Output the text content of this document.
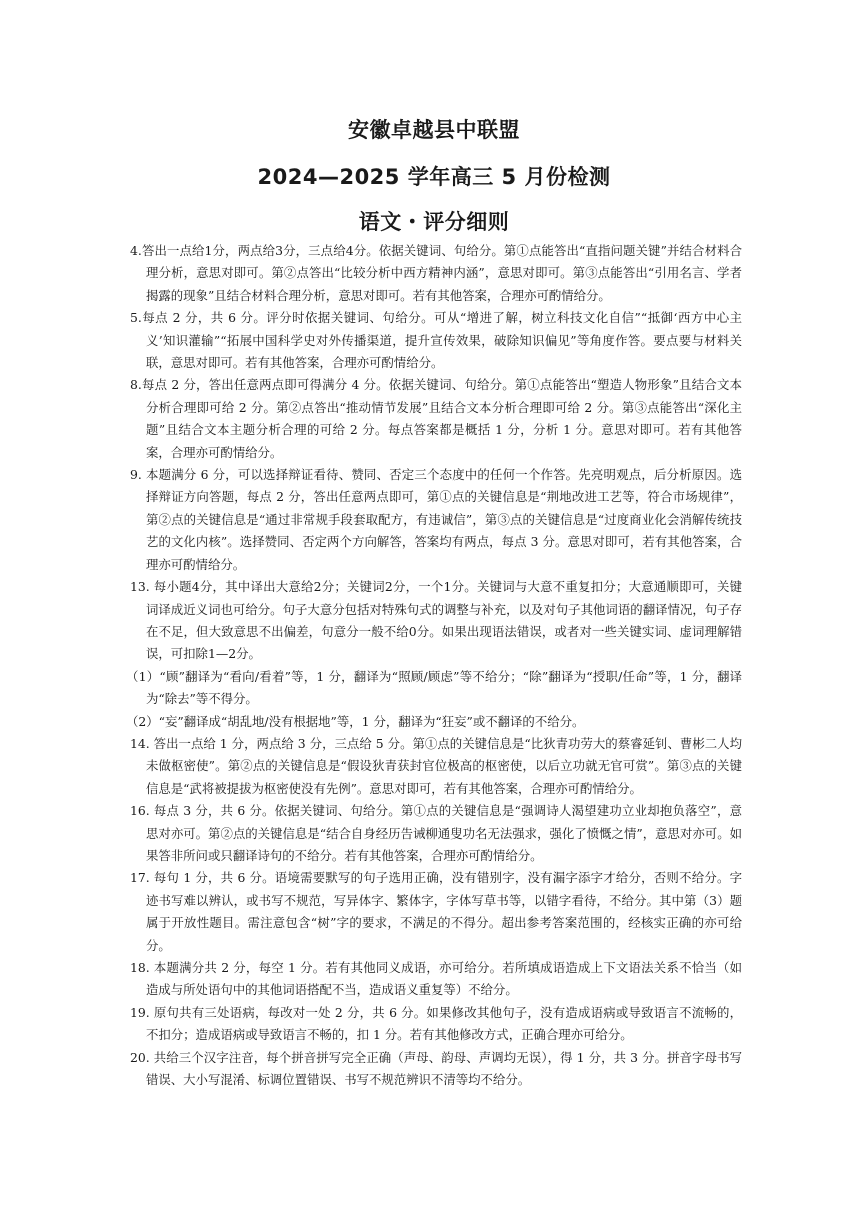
安徽卓越县中联盟
2024—2025 学年高三 5 月份检测
语文・评分细则

4.答出一点给1分，两点给3分，三点给4分。依据关键词、句给分。第①点能答出“直指问题关键”并结合材料合理分析，意思对即可。第②点答出“比较分析中西方精神内涵”，意思对即可。第③点能答出“引用名言、学者揭露的现象”且结合材料合理分析，意思对即可。若有其他答案，合理亦可酌情给分。

5.每点 2 分，共 6 分。评分时依据关键词、句给分。可从“增进了解，树立科技文化自信”“抵御‘西方中心主义’知识灌输”“拓展中国科学史对外传播渠道，提升宣传效果，破除知识偏见”等角度作答。要点要与材料关联，意思对即可。若有其他答案，合理亦可酌情给分。

8.每点 2 分，答出任意两点即可得满分 4 分。依据关键词、句给分。第①点能答出“塑造人物形象”且结合文本分析合理即可给 2 分。第②点答出“推动情节发展”且结合文本分析合理即可给 2 分。第③点能答出“深化主题”且结合文本主题分析合理的可给 2 分。每点答案都是概括 1 分，分析 1 分。意思对即可。若有其他答案，合理亦可酌情给分。

9. 本题满分 6 分，可以选择辩证看待、赞同、否定三个态度中的任何一个作答。先亮明观点，后分析原因。选择辩证方向答题，每点 2 分，答出任意两点即可，第①点的关键信息是“荆地改进工艺等，符合市场规律”，第②点的关键信息是“通过非常规手段套取配方，有违诚信”，第③点的关键信息是“过度商业化会消解传统技艺的文化内核”。选择赞同、否定两个方向解答，答案均有两点，每点 3 分。意思对即可，若有其他答案，合理亦可酌情给分。

13. 每小题4分，其中译出大意给2分；关键词2分，一个1分。关键词与大意不重复扣分；大意通顺即可，关键词译成近义词也可给分。句子大意分包括对特殊句式的调整与补充，以及对句子其他词语的翻译情况，句子存在不足，但大致意思不出偏差，句意分一般不给0分。如果出现语法错误，或者对一些关键实词、虚词理解错误，可扣除1—2分。

（1）“顾”翻译为“看向/看着”等，1 分，翻译为“照顾/顾虑”等不给分；“除”翻译为“授职/任命”等，1 分，翻译为“除去”等不得分。

（2）“妄”翻译成“胡乱地/没有根据地”等，1 分，翻译为“狂妄”或不翻译的不给分。

14. 答出一点给 1 分，两点给 3 分，三点给 5 分。第①点的关键信息是“比狄青功劳大的蔡睿延钊、曹彬二人均未做枢密使”。第②点的关键信息是“假设狄青获封官位极高的枢密使，以后立功就无官可赏”。第③点的关键信息是“武将被提拔为枢密使没有先例”。意思对即可，若有其他答案，合理亦可酌情给分。

16. 每点 3 分，共 6 分。依据关键词、句给分。第①点的关键信息是“强调诗人渴望建功立业却抱负落空”，意思对亦可。第②点的关键信息是“结合自身经历告诫柳通叟功名无法强求，强化了愤慨之情”，意思对亦可。如果答非所问或只翻译诗句的不给分。若有其他答案，合理亦可酌情给分。

17. 每句 1 分，共 6 分。语境需要默写的句子选用正确，没有错别字，没有漏字添字才给分，否则不给分。字迹书写难以辨认，或书写不规范，写异体字、繁体字，字体写草书等，以错字看待，不给分。其中第（3）题属于开放性题目。需注意包含“树”字的要求，不满足的不得分。超出参考答案范围的，经核实正确的亦可给分。

18. 本题满分共 2 分，每空 1 分。若有其他同义成语，亦可给分。若所填成语造成上下文语法关系不恰当（如造成与所处语句中的其他词语搭配不当，造成语义重复等）不给分。

19. 原句共有三处语病，每改对一处 2 分，共 6 分。如果修改其他句子，没有造成语病或导致语言不流畅的，不扣分；造成语病或导致语言不畅的，扣 1 分。若有其他修改方式，正确合理亦可给分。

20. 共给三个汉字注音，每个拼音拼写完全正确（声母、韵母、声调均无误），得 1 分，共 3 分。拼音字母书写错误、大小写混淆、标调位置错误、书写不规范辨识不清等均不给分。
